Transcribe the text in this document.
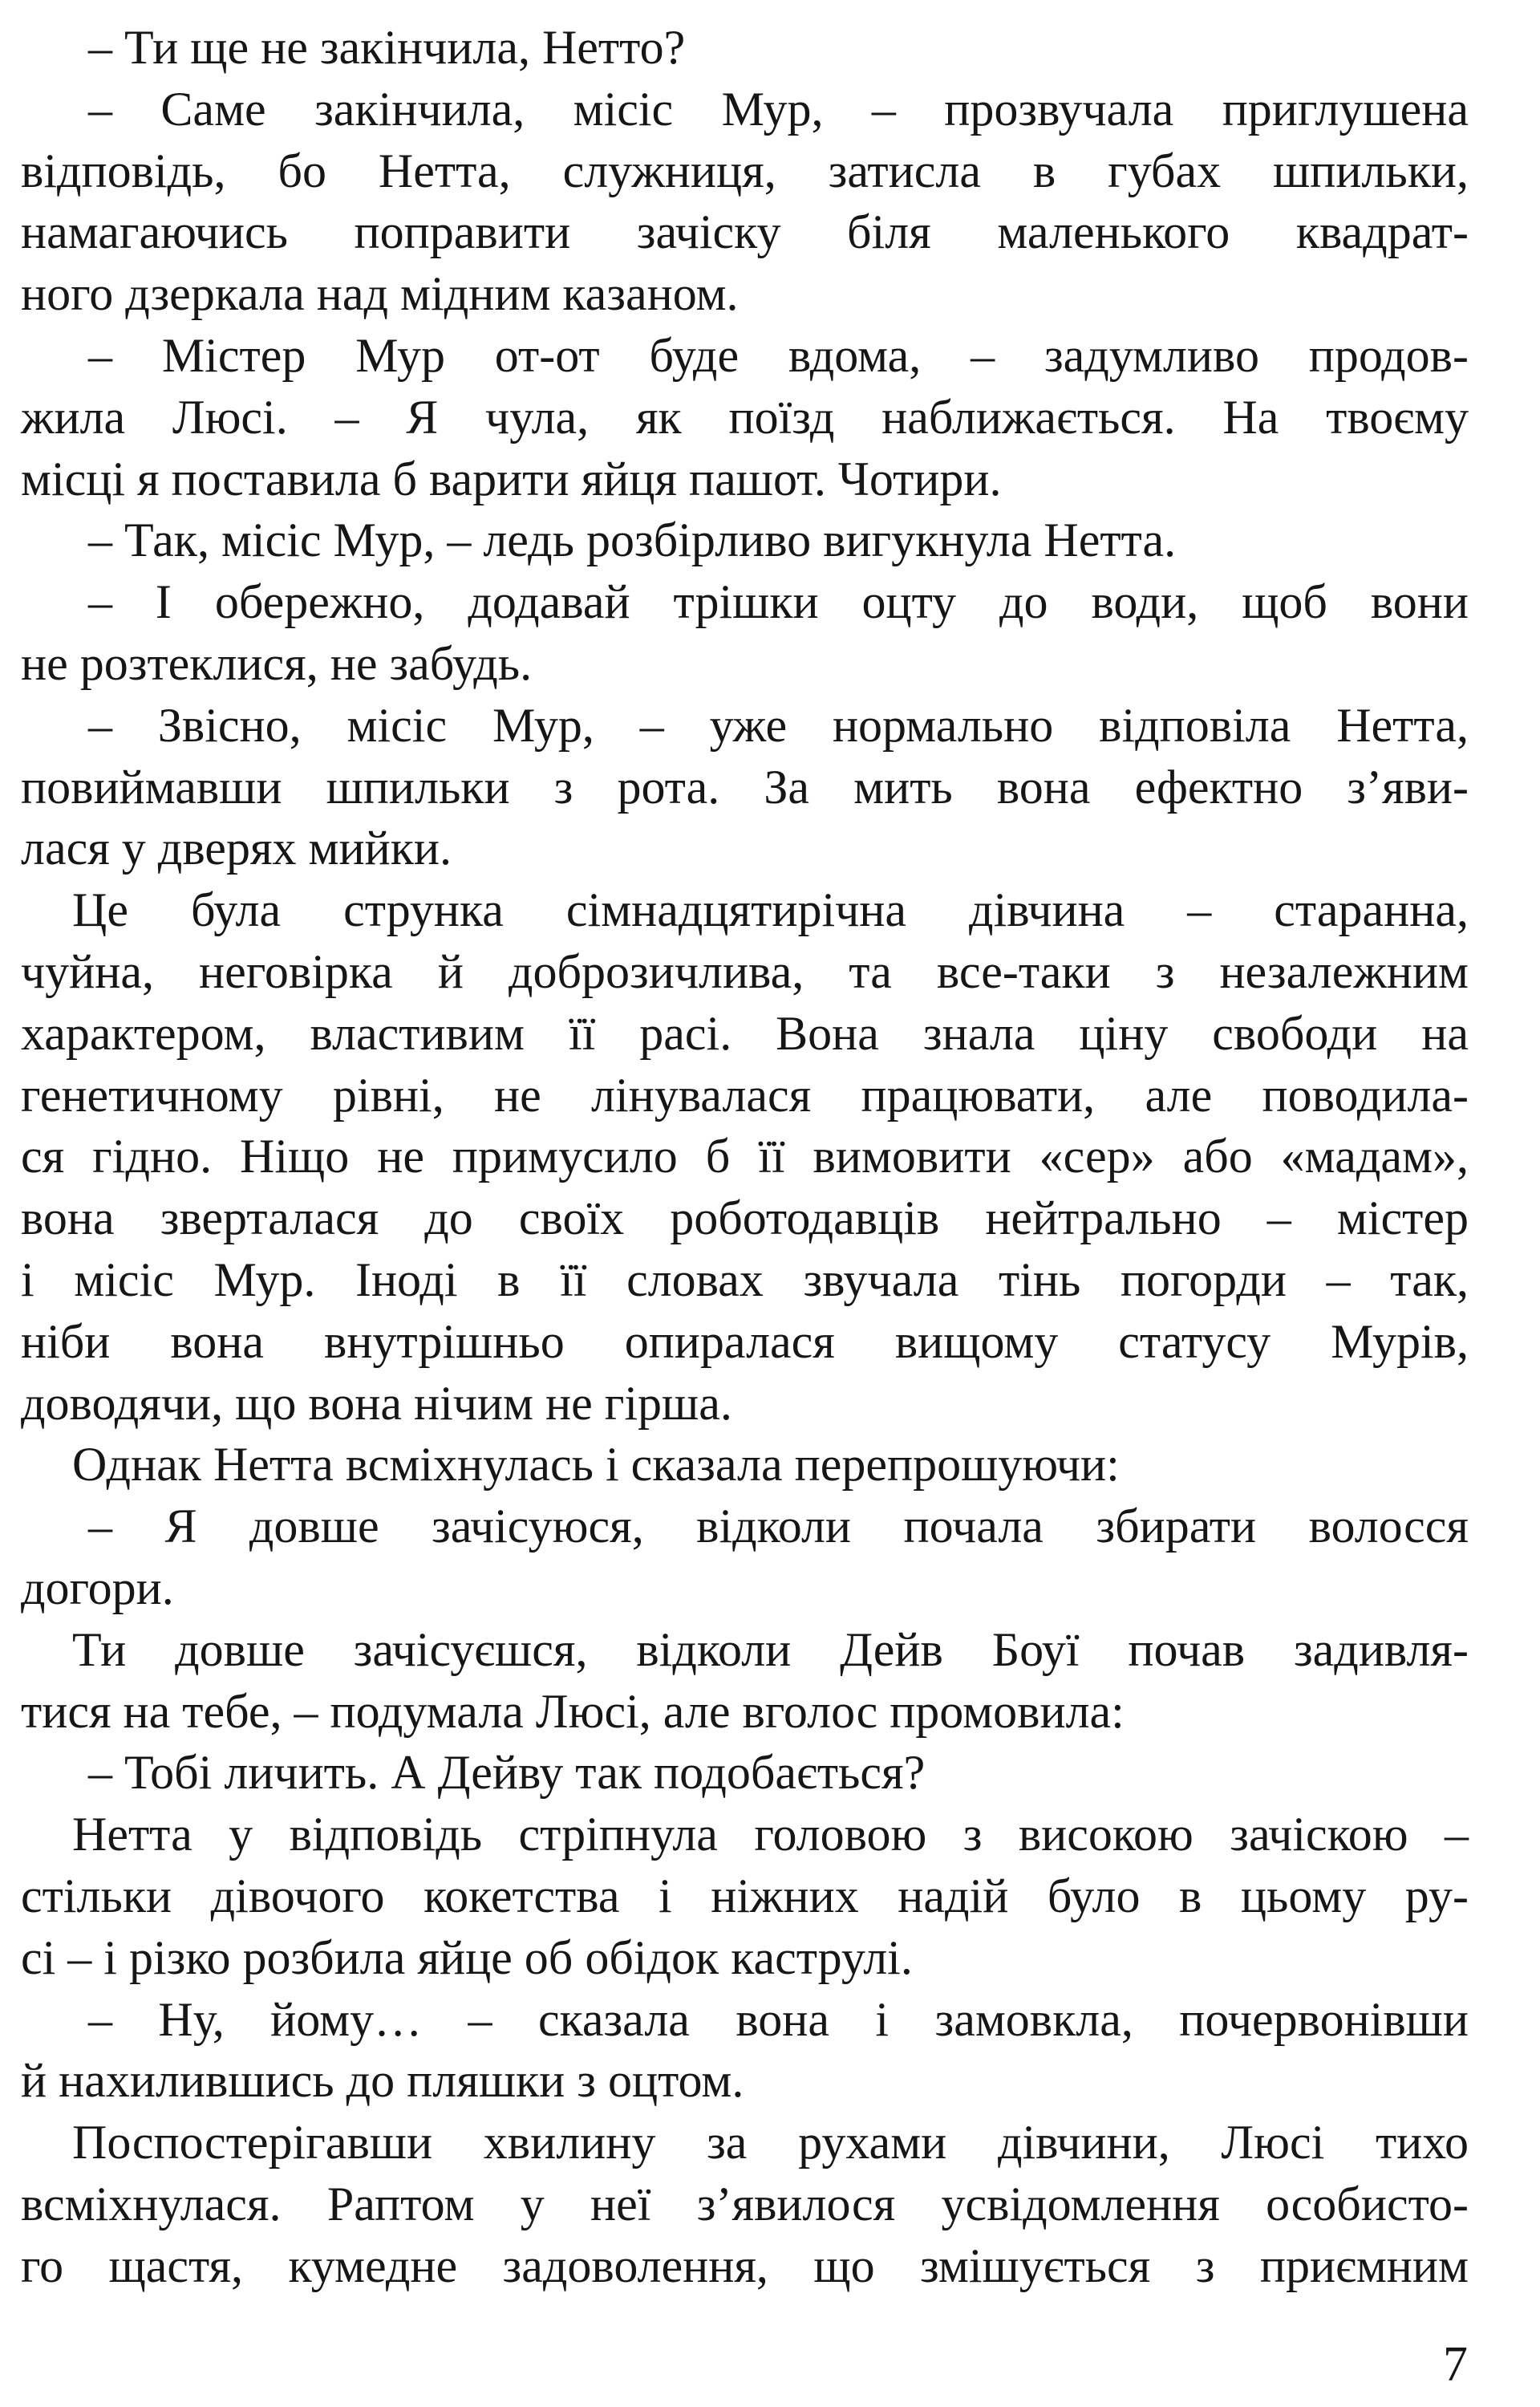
– Ти ще не закінчила, Нетто?
– Саме закінчила, місіс Мур, – прозвучала приглушена
відповідь, бо Нетта, служниця, затисла в губах шпильки,
намагаючись поправити зачіску біля маленького квадрат-
ного дзеркала над мідним казаном.
– Містер Мур от-от буде вдома, – задумливо продов-
жила Люсі. – Я чула, як поїзд наближається. На твоєму
місці я поставила б варити яйця пашот. Чотири.
– Так, місіс Мур, – ледь розбірливо вигукнула Нетта.
– І обережно, додавай трішки оцту до води, щоб вони
не розтеклися, не забудь.
– Звісно, місіс Мур, – уже нормально відповіла Нетта,
повиймавши шпильки з рота. За мить вона ефектно з’яви-
лася у дверях мийки.
Це була струнка сімнадцятирічна дівчина – старанна,
чуйна, неговірка й доброзичлива, та все-таки з незалежним
характером, властивим її расі. Вона знала ціну свободи на
генетичному рівні, не лінувалася працювати, але поводила-
ся гідно. Ніщо не примусило б її вимовити «сер» або «мадам»,
вона зверталася до своїх роботодавців нейтрально – містер
і місіс Мур. Іноді в її словах звучала тінь погорди – так,
ніби вона внутрішньо опиралася вищому статусу Мурів,
доводячи, що вона нічим не гірша.
Однак Нетта всміхнулась і сказала перепрошуючи:
– Я довше зачісуюся, відколи почала збирати волосся
догори.
Ти довше зачісуєшся, відколи Дейв Боуї почав задивля-
тися на тебе, – подумала Люсі, але вголос промовила:
– Тобі личить. А Дейву так подобається?
Нетта у відповідь стріпнула головою з високою зачіскою –
стільки дівочого кокетства і ніжних надій було в цьому ру-
сі – і різко розбила яйце об обідок каструлі.
– Ну, йому… – сказала вона і замовкла, почервонівши
й нахилившись до пляшки з оцтом.
Поспостерігавши хвилину за рухами дівчини, Люсі тихо
всміхнулася. Раптом у неї з’явилося усвідомлення особисто-
го щастя, кумедне задоволення, що змішується з приємним
7
